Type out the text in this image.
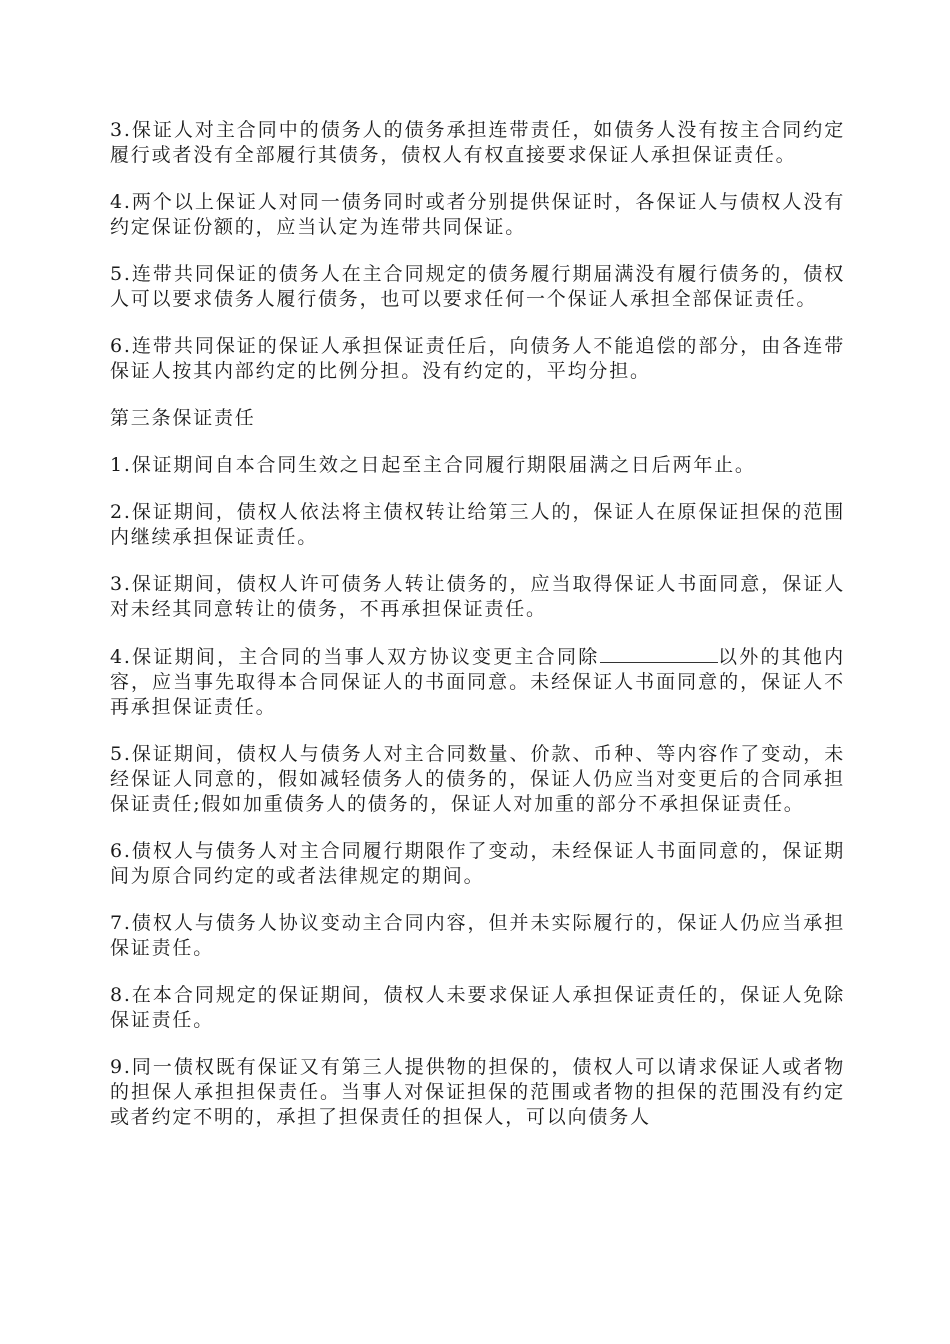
3.保证人对主合同中的债务人的债务承担连带责任，如债务人没有按主合同约定履行或者没有全部履行其债务，债权人有权直接要求保证人承担保证责任。

4.两个以上保证人对同一债务同时或者分别提供保证时，各保证人与债权人没有约定保证份额的，应当认定为连带共同保证。

5.连带共同保证的债务人在主合同规定的债务履行期届满没有履行债务的，债权人可以要求债务人履行债务，也可以要求任何一个保证人承担全部保证责任。

6.连带共同保证的保证人承担保证责任后，向债务人不能追偿的部分，由各连带保证人按其内部约定的比例分担。没有约定的，平均分担。

第三条保证责任

1.保证期间自本合同生效之日起至主合同履行期限届满之日后两年止。

2.保证期间，债权人依法将主债权转让给第三人的，保证人在原保证担保的范围内继续承担保证责任。

3.保证期间，债权人许可债务人转让债务的，应当取得保证人书面同意，保证人对未经其同意转让的债务，不再承担保证责任。

4.保证期间，主合同的当事人双方协议变更主合同除	以外的其他内容，应当事先取得本合同保证人的书面同意。未经保证人书面同意的，保证人不再承担保证责任。

5.保证期间，债权人与债务人对主合同数量、价款、币种、等内容作了变动，未经保证人同意的，假如减轻债务人的债务的，保证人仍应当对变更后的合同承担保证责任;假如加重债务人的债务的，保证人对加重的部分不承担保证责任。

6.债权人与债务人对主合同履行期限作了变动，未经保证人书面同意的，保证期间为原合同约定的或者法律规定的期间。

7.债权人与债务人协议变动主合同内容，但并未实际履行的，保证人仍应当承担保证责任。

8.在本合同规定的保证期间，债权人未要求保证人承担保证责任的，保证人免除保证责任。

9.同一债权既有保证又有第三人提供物的担保的，债权人可以请求保证人或者物的担保人承担担保责任。当事人对保证担保的范围或者物的担保的范围没有约定或者约定不明的，承担了担保责任的担保人，可以向债务人
